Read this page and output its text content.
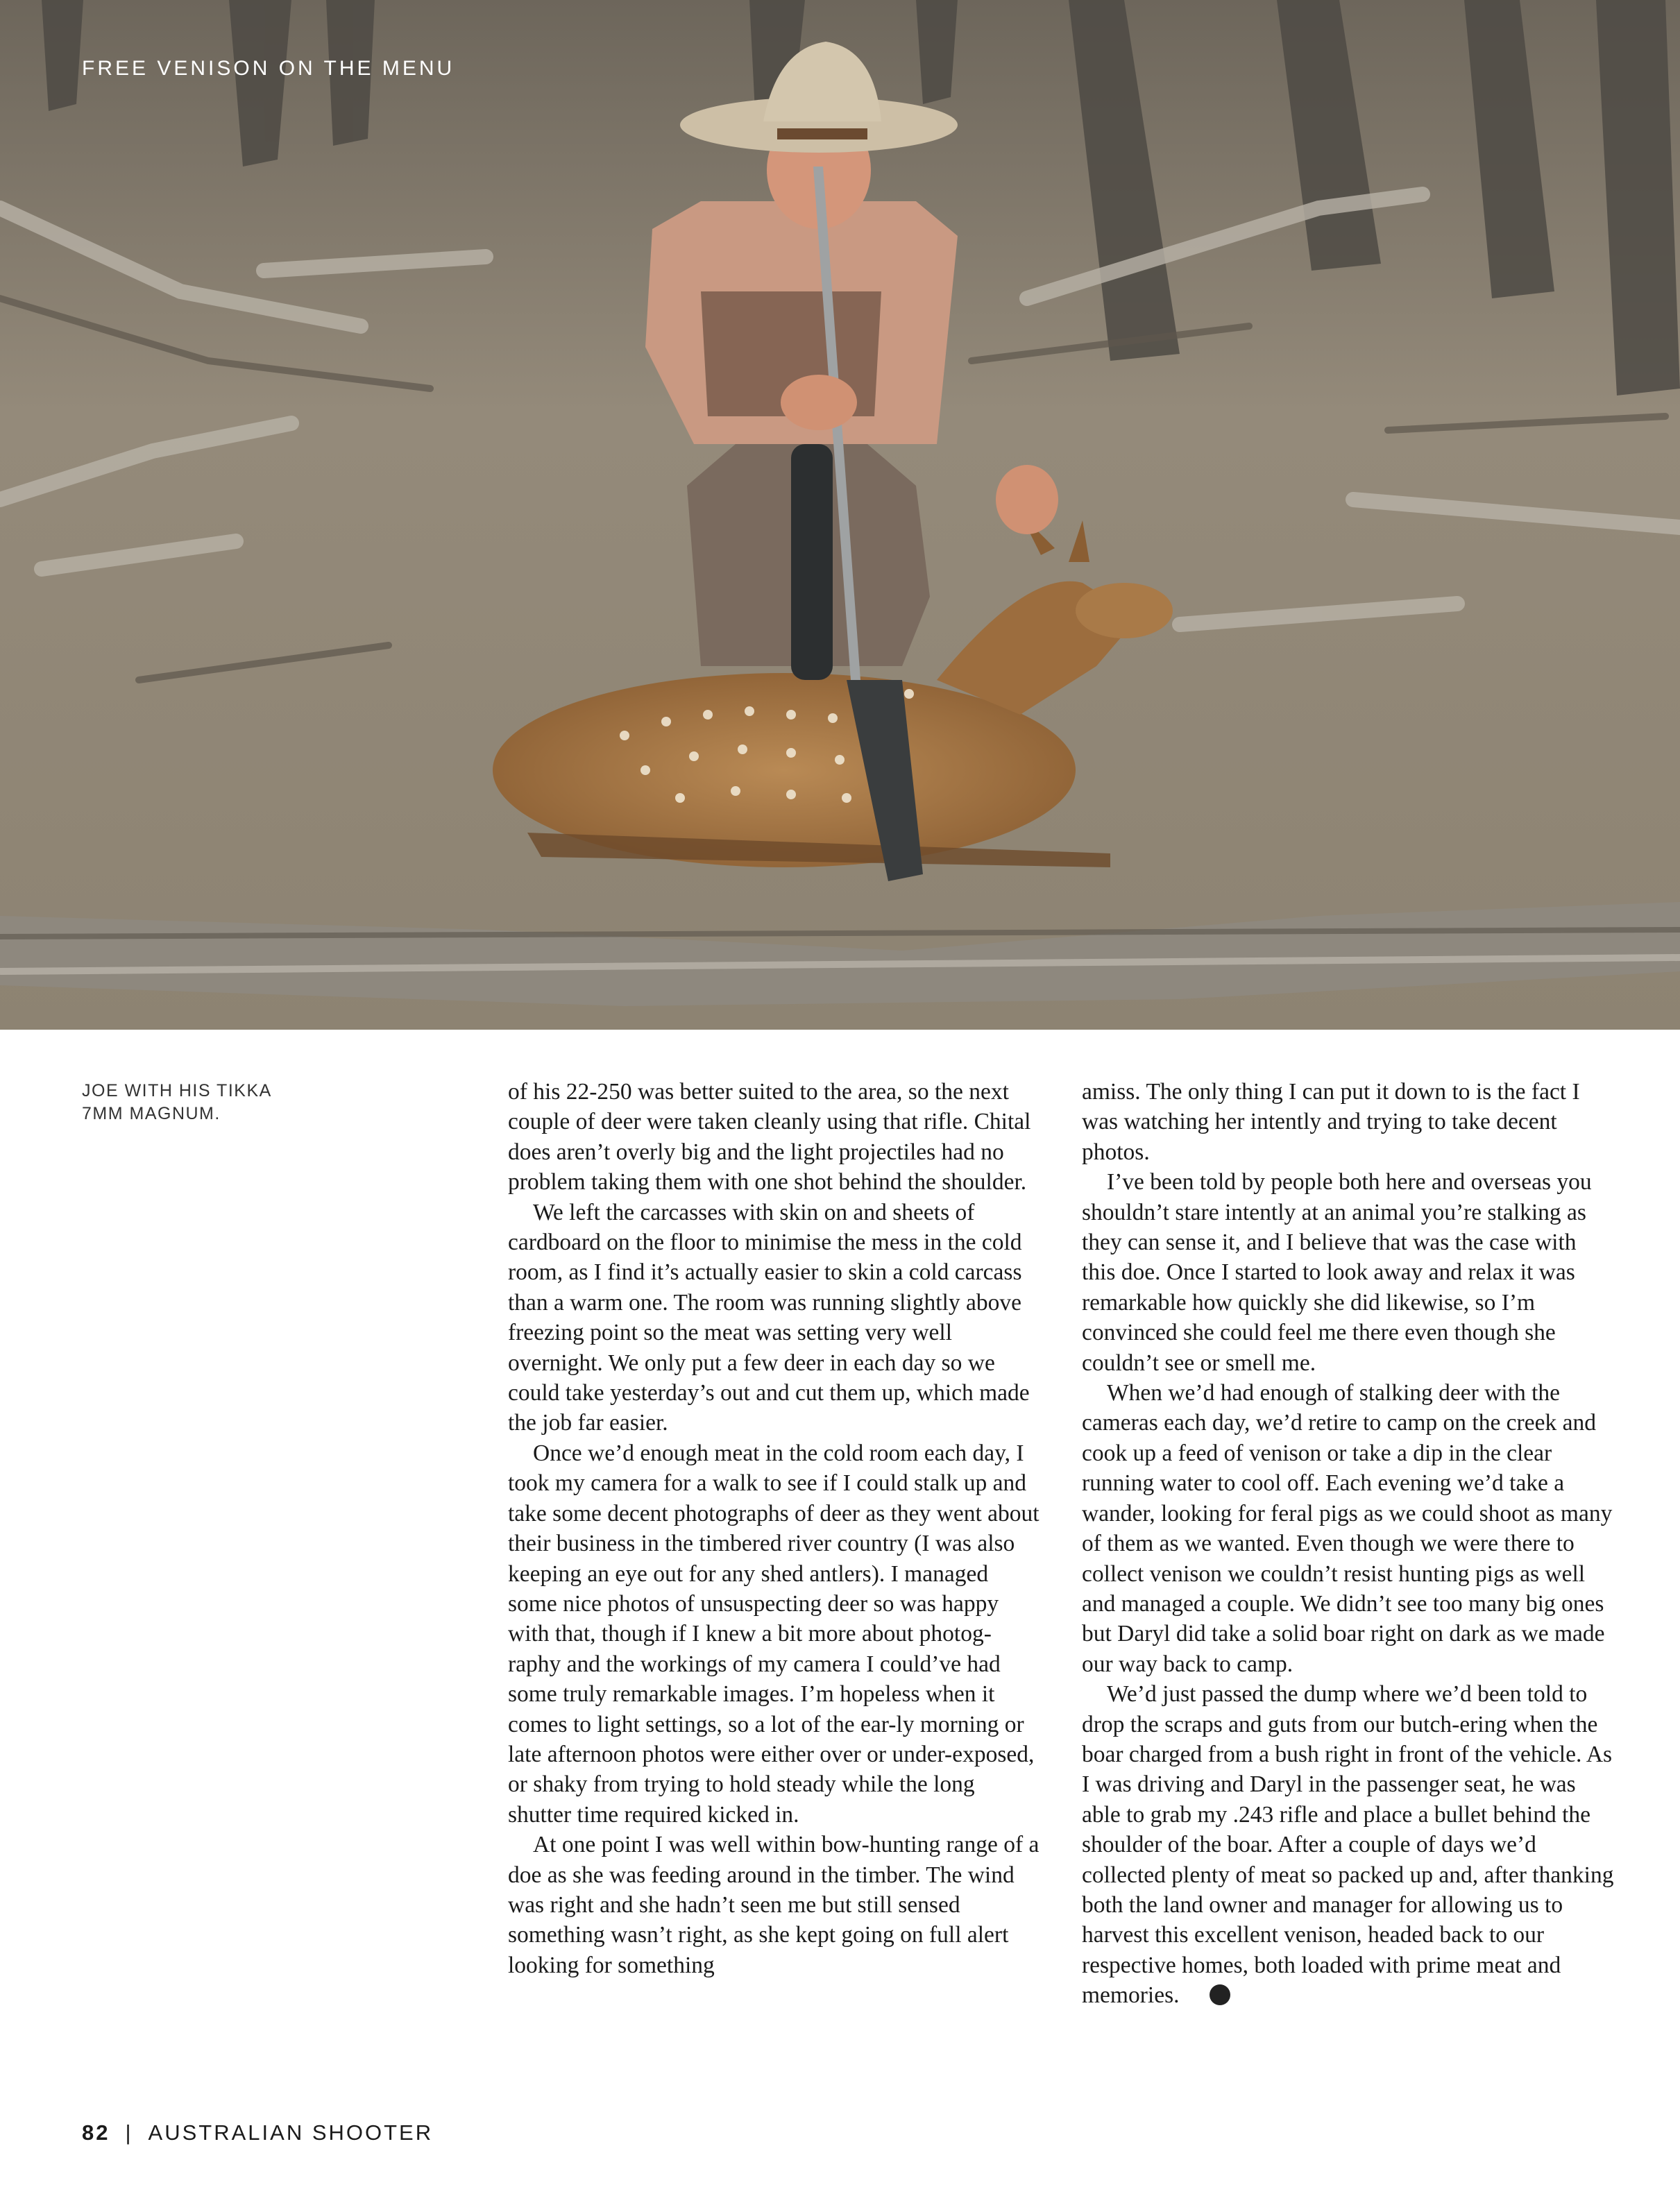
FREE VENISON ON THE MENU
JOE WITH HIS TIKKA
7MM MAGNUM.

of his 22-250 was better suited to the area, so the next couple of deer were taken cleanly using that rifle. Chital does aren’t overly big and the light projectiles had no problem taking them with one shot behind the shoulder.

We left the carcasses with skin on and sheets of cardboard on the floor to minimise the mess in the cold room, as I find it’s actually easier to skin a cold carcass than a warm one. The room was running slightly above freezing point so the meat was setting very well overnight. We only put a few deer in each day so we could take yesterday’s out and cut them up, which made the job far easier.

Once we’d enough meat in the cold room each day, I took my camera for a walk to see if I could stalk up and take some decent photographs of deer as they went about their business in the timbered river country (I was also keeping an eye out for any shed antlers). I managed some nice photos of unsuspecting deer so was happy with that, though if I knew a bit more about photog-raphy and the workings of my camera I could’ve had some truly remarkable images. I’m hopeless when it comes to light settings, so a lot of the ear-ly morning or late afternoon photos were either over or under-exposed, or shaky from trying to hold steady while the long shutter time required kicked in.

At one point I was well within bow-hunting range of a doe as she was feeding around in the timber. The wind was right and she hadn’t seen me but still sensed something wasn’t right, as she kept going on full alert looking for something

amiss. The only thing I can put it down to is the fact I was watching her intently and trying to take decent photos.

I’ve been told by people both here and overseas you shouldn’t stare intently at an animal you’re stalking as they can sense it, and I believe that was the case with this doe. Once I started to look away and relax it was remarkable how quickly she did likewise, so I’m convinced she could feel me there even though she couldn’t see or smell me.

When we’d had enough of stalking deer with the cameras each day, we’d retire to camp on the creek and cook up a feed of venison or take a dip in the clear running water to cool off. Each evening we’d take a wander, looking for feral pigs as we could shoot as many of them as we wanted. Even though we were there to collect venison we couldn’t resist hunting pigs as well and managed a couple. We didn’t see too many big ones but Daryl did take a solid boar right on dark as we made our way back to camp.

We’d just passed the dump where we’d been told to drop the scraps and guts from our butch-ering when the boar charged from a bush right in front of the vehicle. As I was driving and Daryl in the passenger seat, he was able to grab my .243 rifle and place a bullet behind the shoulder of the boar. After a couple of days we’d collected plenty of meat so packed up and, after thanking both the land owner and manager for allowing us to harvest this excellent venison, headed back to our respective homes, both loaded with prime meat and memories.

82 | AUSTRALIAN SHOOTER
